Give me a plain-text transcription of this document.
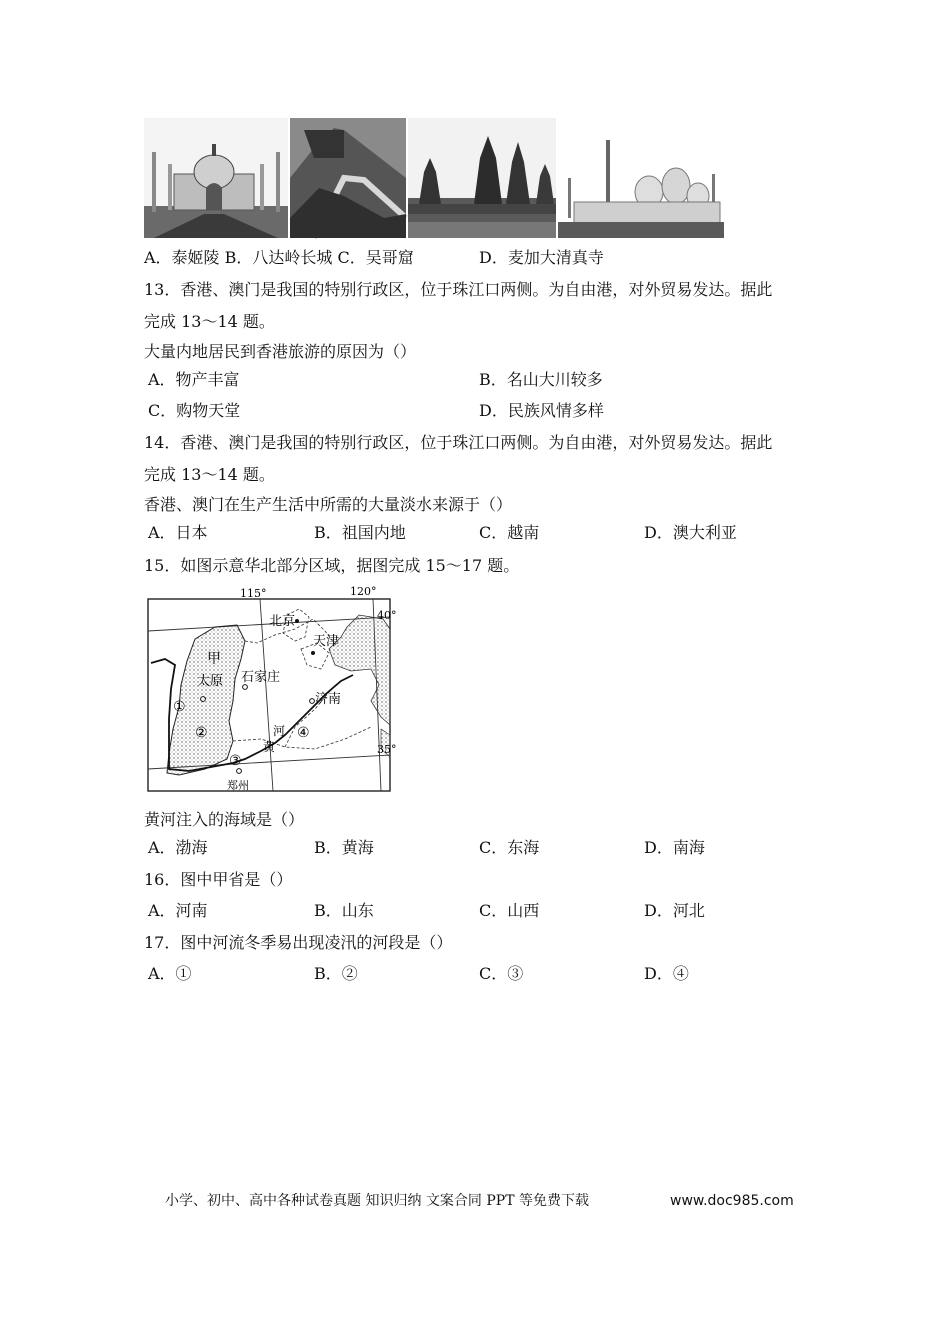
A．泰姬陵 B．八达岭长城 C．吴哥窟	D．麦加大清真寺
13．香港、澳门是我国的特别行政区，位于珠江口两侧。为自由港，对外贸易发达。据此
完成 13～14 题。
大量内地居民到香港旅游的原因为（）
A．物产丰富	B．名山大川较多
C．购物天堂	D．民族风情多样
14．香港、澳门是我国的特别行政区，位于珠江口两侧。为自由港，对外贸易发达。据此
完成 13～14 题。
香港、澳门在生产生活中所需的大量淡水来源于（）
A．日本	B．祖国内地	C．越南	D．澳大利亚
15．如图示意华北部分区域，据图完成 15～17 题。
115°	120°
40°
35°
北京
天津
甲
太原 石家庄
济南
郑州
黄
河
①
②
③
④
黄河注入的海域是（）
A．渤海	B．黄海	C．东海	D．南海
16．图中甲省是（）
A．河南	B．山东	C．山西	D．河北
17．图中河流冬季易出现凌汛的河段是（）
A．①	B．②	C．③	D．④
小学、初中、高中各种试卷真题 知识归纳 文案合同 PPT 等免费下载	www.doc985.com
